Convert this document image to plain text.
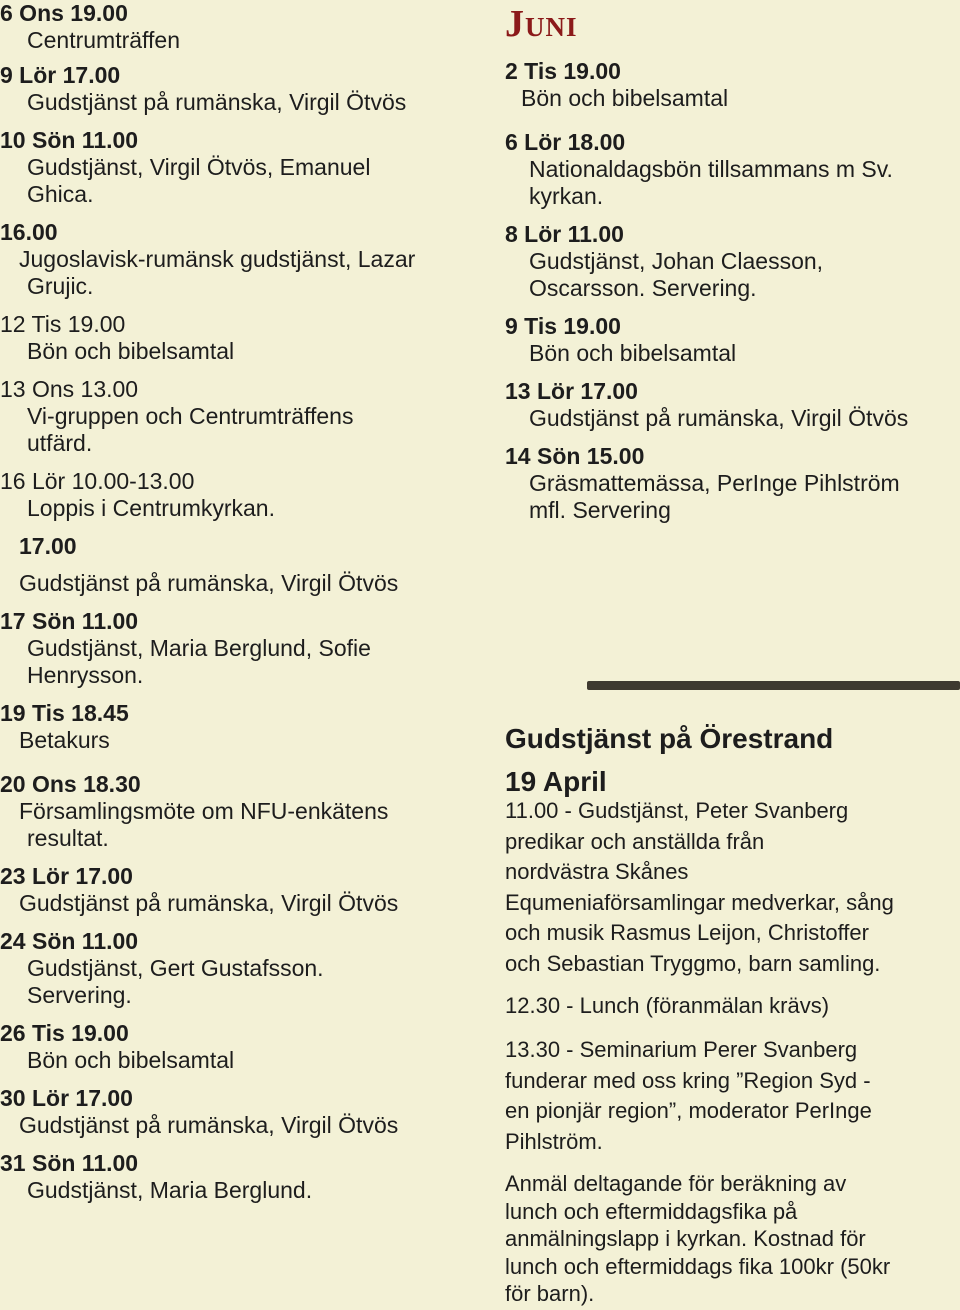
6 Ons 19.00
Centrumträffen
9 Lör 17.00
Gudstjänst på rumänska, Virgil Ötvös
10 Sön 11.00
Gudstjänst, Virgil Ötvös, Emanuel
Ghica.
16.00
Jugoslavisk-rumänsk gudstjänst, Lazar
Grujic.
12 Tis 19.00
Bön och bibelsamtal
13 Ons 13.00
Vi-gruppen och Centrumträffens
utfärd.
16 Lör 10.00-13.00
Loppis i Centrumkyrkan.
17.00
Gudstjänst på rumänska, Virgil Ötvös
17 Sön 11.00
Gudstjänst, Maria Berglund, Sofie
Henrysson.
19 Tis 18.45
Betakurs
20 Ons 18.30
Församlingsmöte om NFU-enkätens
resultat.
23 Lör 17.00
Gudstjänst på rumänska, Virgil Ötvös
24 Sön 11.00
Gudstjänst, Gert Gustafsson.
Servering.
26 Tis 19.00
Bön och bibelsamtal
30 Lör 17.00
Gudstjänst på rumänska, Virgil Ötvös
31 Sön 11.00
Gudstjänst, Maria Berglund.
Juni
2 Tis 19.00
Bön och bibelsamtal
6 Lör 18.00
Nationaldagsbön tillsammans m Sv.
kyrkan.
8 Lör 11.00
Gudstjänst, Johan Claesson,
Oscarsson. Servering.
9 Tis 19.00
Bön och bibelsamtal
13 Lör 17.00
Gudstjänst på rumänska, Virgil Ötvös
14 Sön 15.00
Gräsmattemässa, PerInge Pihlström
mfl. Servering
Gudstjänst på Örestrand
19 April
11.00 - Gudstjänst, Peter Svanberg
predikar och anställda från
nordvästra Skånes
Equmeniaförsamlingar medverkar, sång
och musik Rasmus Leijon, Christoffer
och Sebastian Tryggmo, barn samling.
12.30 - Lunch (föranmälan krävs)
13.30 - Seminarium Perer Svanberg
funderar med oss kring ”Region Syd -
en pionjär region”, moderator PerInge
Pihlström.
Anmäl deltagande för beräkning av
lunch och eftermiddagsfika på
anmälningslapp i kyrkan. Kostnad för
lunch och eftermiddags fika 100kr (50kr
för barn).
